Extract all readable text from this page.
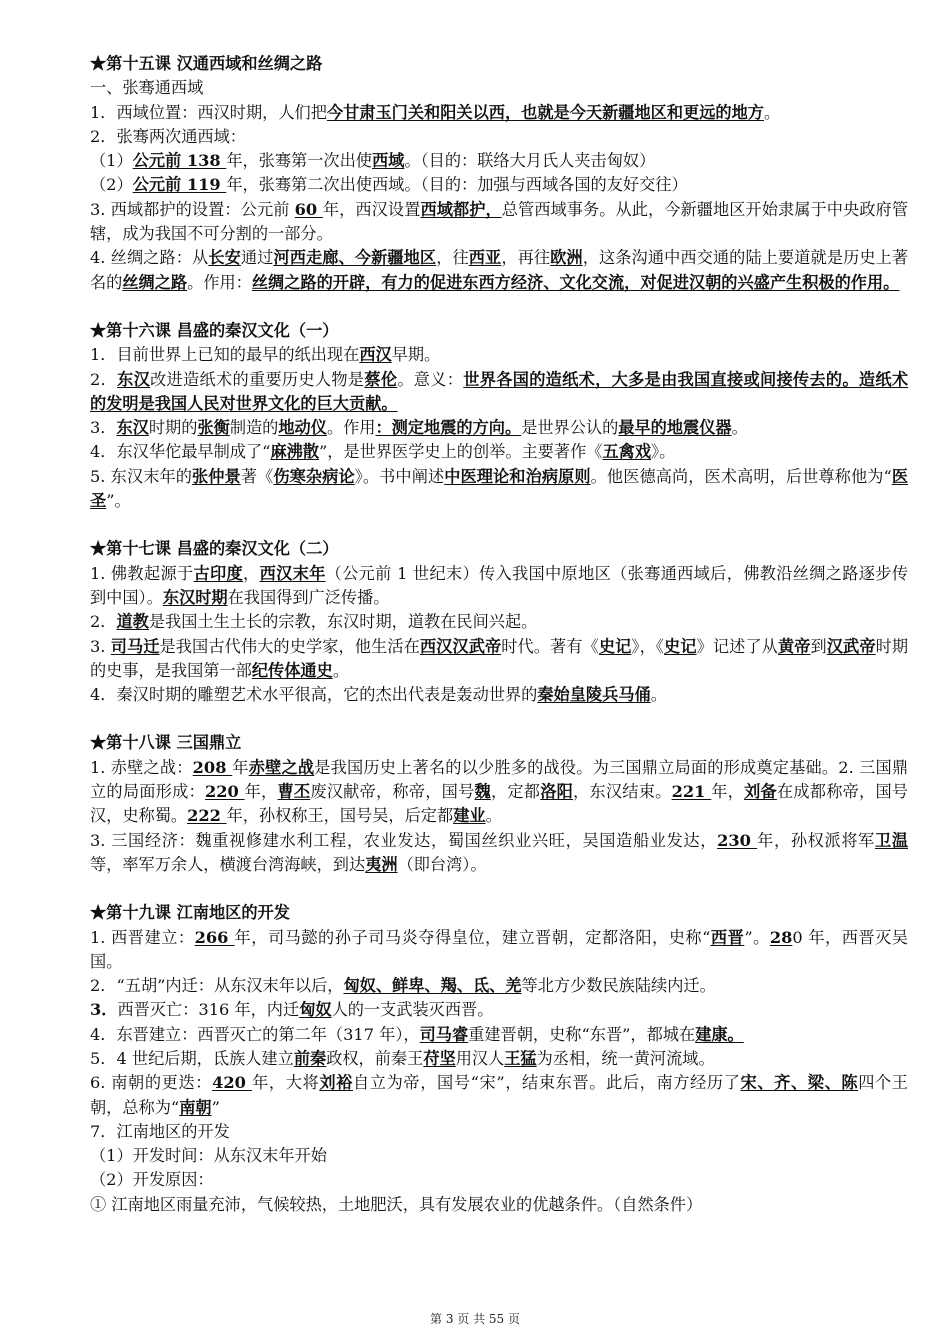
★第十五课 汉通西域和丝绸之路

一、张骞通西域

1．西域位置：西汉时期，人们把今甘肃玉门关和阳关以西，也就是今天新疆地区和更远的地方。

2．张骞两次通西域：

（1）公元前 138 年，张骞第一次出使西域。（目的：联络大月氏人夹击匈奴）

（2）公元前 119 年，张骞第二次出使西域。（目的：加强与西域各国的友好交往）

3. 西域都护的设置：公元前 60 年，西汉设置西域都护，总管西域事务。从此，今新疆地区开始隶属于中央政府管辖，成为我国不可分割的一部分。

4. 丝绸之路：从长安通过河西走廊、今新疆地区，往西亚，再往欧洲，这条沟通中西交通的陆上要道就是历史上著名的丝绸之路。作用：丝绸之路的开辟，有力的促进东西方经济、文化交流，对促进汉朝的兴盛产生积极的作用。

★第十六课 昌盛的秦汉文化（一）

1．目前世界上已知的最早的纸出现在西汉早期。

2．东汉改进造纸术的重要历史人物是蔡伦。意义：世界各国的造纸术，大多是由我国直接或间接传去的。造纸术的发明是我国人民对世界文化的巨大贡献。

3．东汉时期的张衡制造的地动仪。作用：测定地震的方向。是世界公认的最早的地震仪器。

4．东汉华佗最早制成了“麻沸散”，是世界医学史上的创举。主要著作《五禽戏》。

5. 东汉末年的张仲景著《伤寒杂病论》。书中阐述中医理论和治病原则。他医德高尚，医术高明，后世尊称他为“医圣”。

★第十七课 昌盛的秦汉文化（二）

1. 佛教起源于古印度，西汉末年（公元前 1 世纪末）传入我国中原地区（张骞通西域后，佛教沿丝绸之路逐步传到中国）。东汉时期在我国得到广泛传播。

2．道教是我国土生土长的宗教，东汉时期，道教在民间兴起。

3. 司马迁是我国古代伟大的史学家，他生活在西汉汉武帝时代。著有《史记》，《史记》记述了从黄帝到汉武帝时期的史事，是我国第一部纪传体通史。

4．秦汉时期的雕塑艺术水平很高，它的杰出代表是轰动世界的秦始皇陵兵马俑。

★第十八课 三国鼎立

1. 赤壁之战：208 年赤壁之战是我国历史上著名的以少胜多的战役。为三国鼎立局面的形成奠定基础。2. 三国鼎立的局面形成：220 年，曹丕废汉献帝，称帝，国号魏，定都洛阳，东汉结束。221 年，刘备在成都称帝，国号汉，史称蜀。222 年，孙权称王，国号吴，后定都建业。

3. 三国经济：魏重视修建水利工程，农业发达，蜀国丝织业兴旺，吴国造船业发达，230 年，孙权派将军卫温等，率军万余人，横渡台湾海峡，到达夷洲（即台湾）。

★第十九课 江南地区的开发

1. 西晋建立：266 年，司马懿的孙子司马炎夺得皇位，建立晋朝，定都洛阳，史称“西晋”。280 年，西晋灭吴国。

2．“五胡”内迁：从东汉末年以后，匈奴、鲜卑、羯、氐、羌等北方少数民族陆续内迁。

3．西晋灭亡：316 年，内迁匈奴人的一支武装灭西晋。

4．东晋建立：西晋灭亡的第二年（317 年），司马睿重建晋朝，史称“东晋”，都城在建康。

5．4 世纪后期，氐族人建立前秦政权，前秦王苻坚用汉人王猛为丞相，统一黄河流域。

6. 南朝的更迭：420 年，大将刘裕自立为帝，国号“宋”，结束东晋。此后，南方经历了宋、齐、梁、陈四个王朝，总称为“南朝”

7．江南地区的开发

（1）开发时间：从东汉末年开始

（2）开发原因：

① 江南地区雨量充沛，气候较热，土地肥沃，具有发展农业的优越条件。（自然条件）

第 3 页 共 55 页
